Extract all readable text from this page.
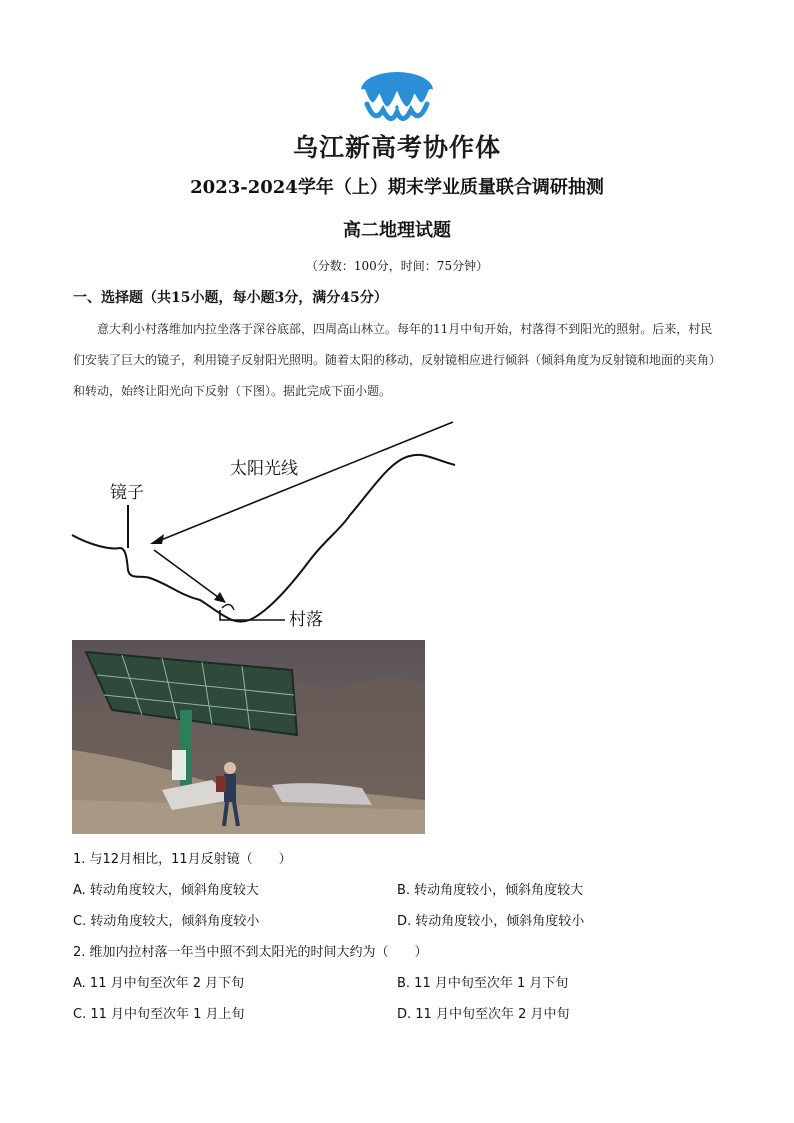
乌江新高考协作体
2023-2024学年（上）期末学业质量联合调研抽测
高二地理试题
（分数：100分，时间：75分钟）
一、选择题（共15小题，每小题3分，满分45分）
意大利小村落维加内拉坐落于深谷底部，四周高山林立。每年的11月中旬开始，村落得不到阳光的照射。后来，村民们安装了巨大的镜子，利用镜子反射阳光照明。随着太阳的移动，反射镜相应进行倾斜（倾斜角度为反射镜和地面的夹角）和转动，始终让阳光向下反射（下图）。据此完成下面小题。
太阳光线
镜子
村落
1. 与12月相比，11月反射镜（　　）
A. 转动角度较大，倾斜角度较大	B. 转动角度较小，倾斜角度较大
C. 转动角度较大，倾斜角度较小	D. 转动角度较小，倾斜角度较小
2. 维加内拉村落一年当中照不到太阳光的时间大约为（　　）
A. 11 月中旬至次年 2 月下旬	B. 11 月中旬至次年 1 月下旬
C. 11 月中旬至次年 1 月上旬	D. 11 月中旬至次年 2 月中旬
